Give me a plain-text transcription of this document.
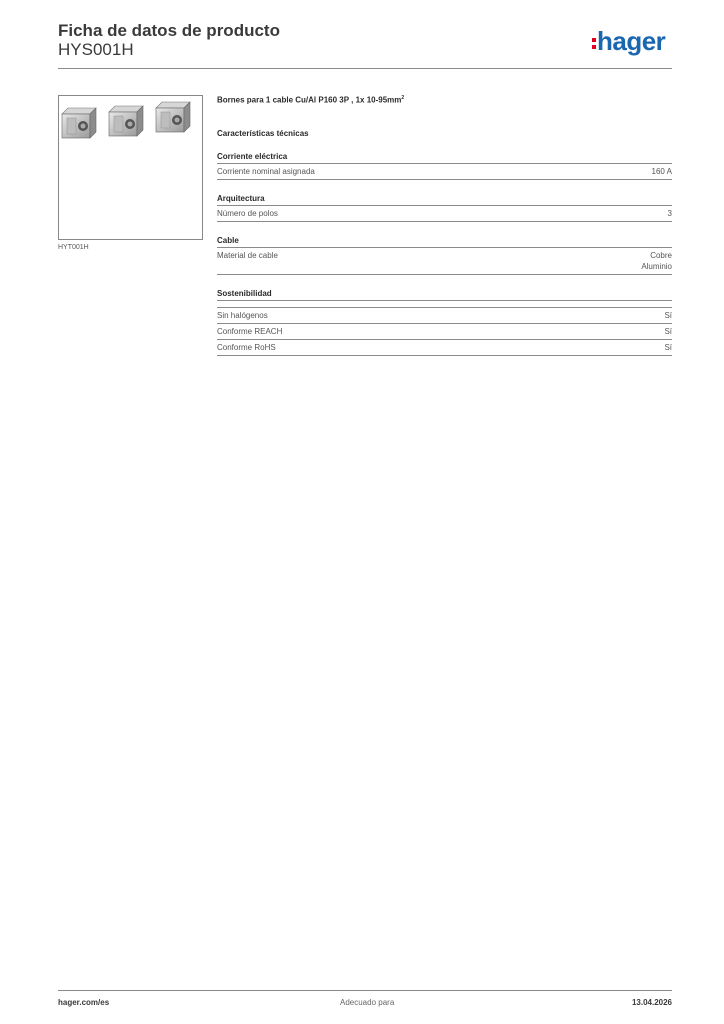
Ficha de datos de producto
HYS001H	hager
HYT001H
Bornes para 1 cable Cu/Al P160 3P , 1x $10-95mm^2$
Características técnicas
Corriente eléctrica
Corriente nominal asignada	160 A
Arquitectura
Número de polos	3
Cable
Material de cable	Cobre
Aluminio
Sostenibilidad
Sin halógenos	Sí
Conforme REACH	Sí
Conforme RoHS	Sí
hager.com/es	Adecuado para	13.04.2026
